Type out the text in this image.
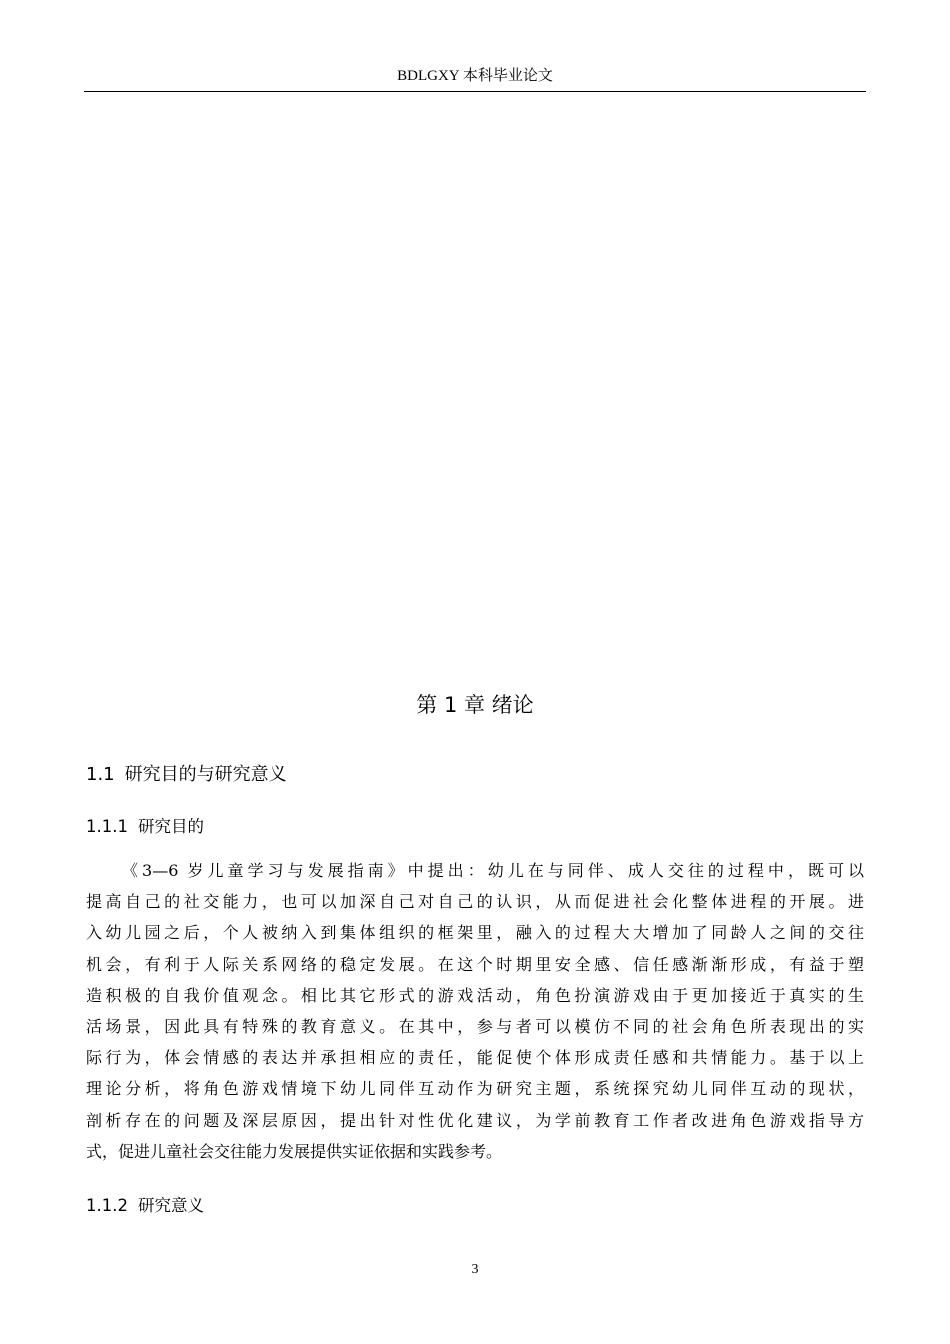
BDLGXY 本科毕业论文
第 1 章 绪论
1.1 研究目的与研究意义
1.1.1 研究目的
《3—6 岁儿童学习与发展指南》中提出：幼儿在与同伴、成人交往的过程中，既可以
提高自己的社交能力，也可以加深自己对自己的认识，从而促进社会化整体进程的开展。进
入幼儿园之后，个人被纳入到集体组织的框架里，融入的过程大大增加了同龄人之间的交往
机会，有利于人际关系网络的稳定发展。在这个时期里安全感、信任感渐渐形成，有益于塑
造积极的自我价值观念。相比其它形式的游戏活动，角色扮演游戏由于更加接近于真实的生
活场景，因此具有特殊的教育意义。在其中，参与者可以模仿不同的社会角色所表现出的实
际行为，体会情感的表达并承担相应的责任，能促使个体形成责任感和共情能力。基于以上
理论分析，将角色游戏情境下幼儿同伴互动作为研究主题，系统探究幼儿同伴互动的现状，
剖析存在的问题及深层原因，提出针对性优化建议，为学前教育工作者改进角色游戏指导方
式，促进儿童社会交往能力发展提供实证依据和实践参考。
1.1.2 研究意义
3
